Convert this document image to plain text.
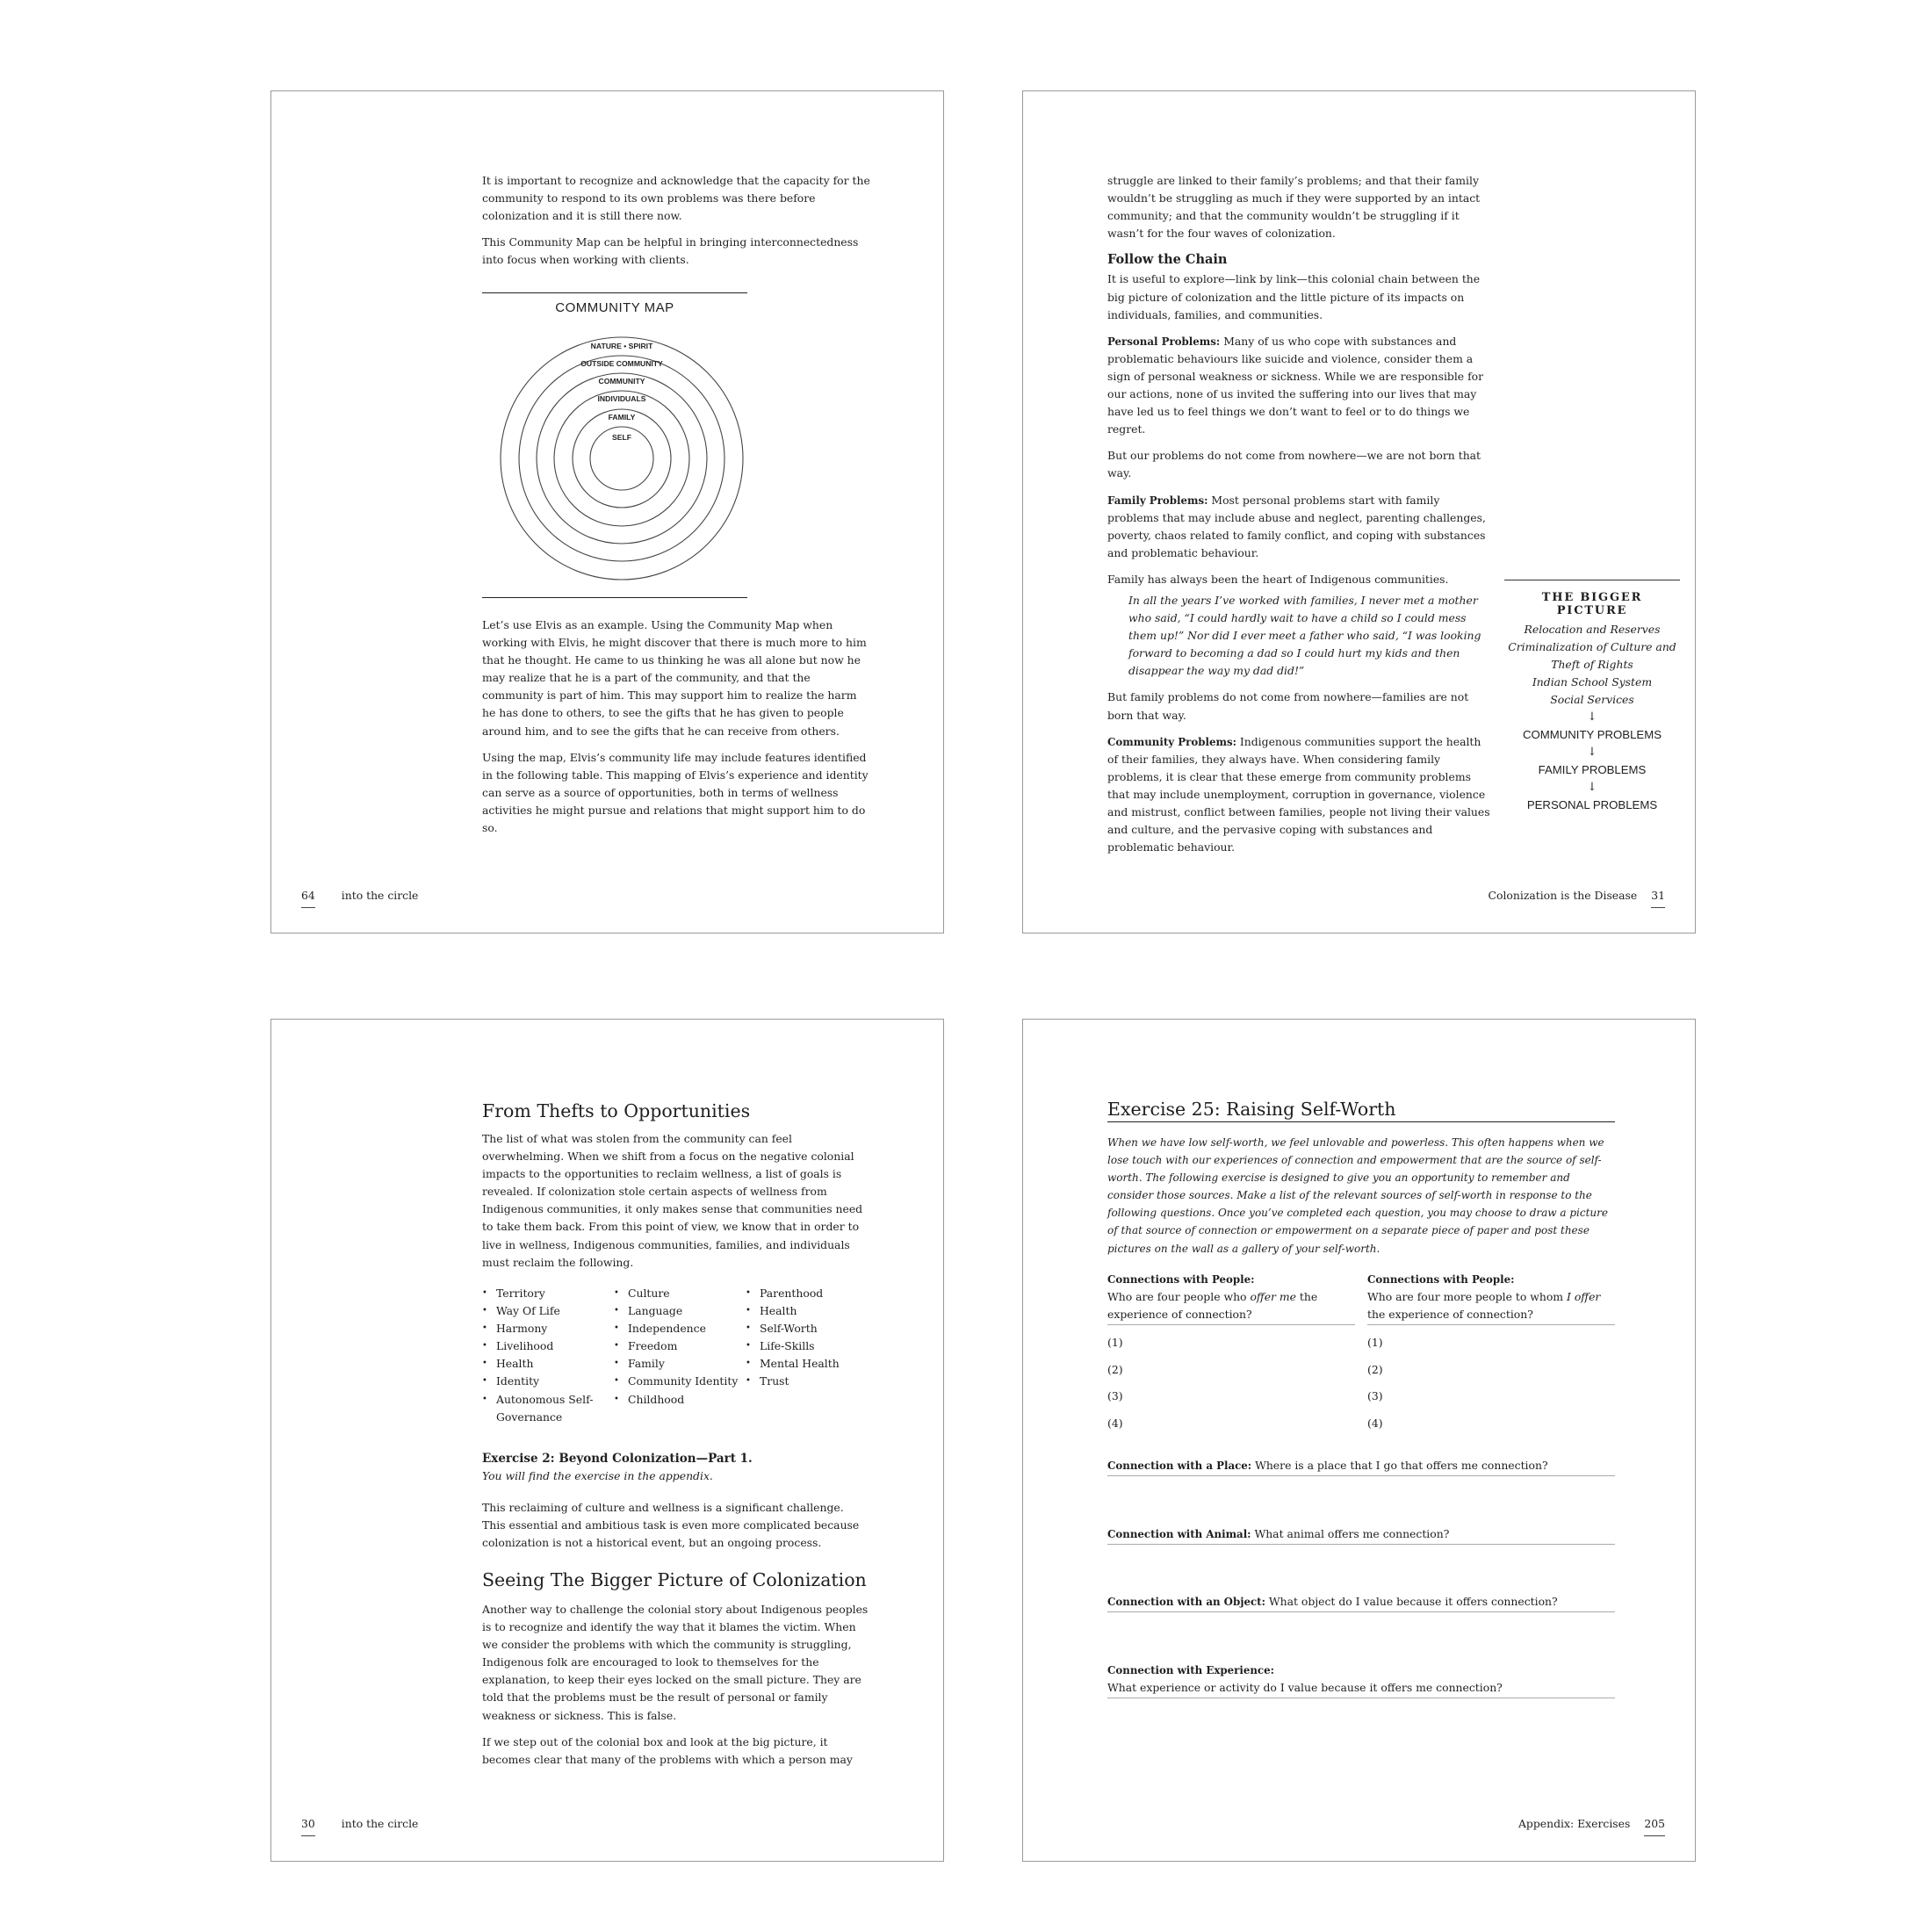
It is important to recognize and acknowledge that the capacity for the community to respond to its own problems was there before colonization and it is still there now.

This Community Map can be helpful in bringing interconnectedness into focus when working with clients.

COMMUNITY MAP
NATURE • SPIRIT
OUTSIDE COMMUNITY
COMMUNITY
INDIVIDUALS
FAMILY
SELF

Let’s use Elvis as an example. Using the Community Map when working with Elvis, he might discover that there is much more to him that he thought. He came to us thinking he was all alone but now he may realize that he is a part of the community, and that the community is part of him. This may support him to realize the harm he has done to others, to see the gifts that he has given to people around him, and to see the gifts that he can receive from others.

Using the map, Elvis’s community life may include features identified in the following table. This mapping of Elvis’s experience and identity can serve as a source of opportunities, both in terms of wellness activities he might pursue and relations that might support him to do so.

64 into the circle

struggle are linked to their family’s problems; and that their family wouldn’t be struggling as much if they were supported by an intact community; and that the community wouldn’t be struggling if it wasn’t for the four waves of colonization.

Follow the Chain

It is useful to explore—link by link—this colonial chain between the big picture of colonization and the little picture of its impacts on individuals, families, and communities.

Personal Problems: Many of us who cope with substances and problematic behaviours like suicide and violence, consider them a sign of personal weakness or sickness. While we are responsible for our actions, none of us invited the suffering into our lives that may have led us to feel things we don’t want to feel or to do things we regret.

But our problems do not come from nowhere—we are not born that way.

Family Problems: Most personal problems start with family problems that may include abuse and neglect, parenting challenges, poverty, chaos related to family conflict, and coping with substances and problematic behaviour.

Family has always been the heart of Indigenous communities.

In all the years I’ve worked with families, I never met a mother who said, “I could hardly wait to have a child so I could mess them up!” Nor did I ever meet a father who said, “I was looking forward to becoming a dad so I could hurt my kids and then disappear the way my dad did!”

But family problems do not come from nowhere—families are not born that way.

Community Problems: Indigenous communities support the health of their families, they always have. When considering family problems, it is clear that these emerge from community problems that may include unemployment, corruption in governance, violence and mistrust, conflict between families, people not living their values and culture, and the pervasive coping with substances and problematic behaviour.

THE BIGGER PICTURE
Relocation and Reserves
Criminalization of Culture and Theft of Rights
Indian School System
Social Services
↓
COMMUNITY PROBLEMS
↓
FAMILY PROBLEMS
↓
PERSONAL PROBLEMS
Colonization is the Disease 31
From Thefts to Opportunities
The list of what was stolen from the community can feel overwhelming. When we shift from a focus on the negative colonial impacts to the opportunities to reclaim wellness, a list of goals is revealed. If colonization stole certain aspects of wellness from Indigenous communities, it only makes sense that communities need to take them back. From this point of view, we know that in order to live in wellness, Indigenous communities, families, and individuals must reclaim the following.
• Territory
• Way Of Life
• Harmony
• Livelihood
• Health
• Identity
• Autonomous Self-Governance
• Culture
• Language
• Independence
• Freedom
• Family
• Community Identity
• Childhood
• Parenthood
• Health
• Self-Worth
• Life-Skills
• Mental Health
• Trust
Exercise 2: Beyond Colonization—Part 1.
You will find the exercise in the appendix.
This reclaiming of culture and wellness is a significant challenge. This essential and ambitious task is even more complicated because colonization is not a historical event, but an ongoing process.
Seeing The Bigger Picture of Colonization

Another way to challenge the colonial story about Indigenous peoples is to recognize and identify the way that it blames the victim. When we consider the problems with which the community is struggling, Indigenous folk are encouraged to look to themselves for the explanation, to keep their eyes locked on the small picture. They are told that the problems must be the result of personal or family weakness or sickness. This is false.

If we step out of the colonial box and look at the big picture, it becomes clear that many of the problems with which a person may

30 into the circle
Exercise 25: Raising Self-Worth
When we have low self-worth, we feel unlovable and powerless. This often happens when we lose touch with our experiences of connection and empowerment that are the source of self-worth. The following exercise is designed to give you an opportunity to remember and consider those sources. Make a list of the relevant sources of self-worth in response to the following questions. Once you’ve completed each question, you may choose to draw a picture of that source of connection or empowerment on a separate piece of paper and post these pictures on the wall as a gallery of your self-worth.
Connections with People:
Who are four people who offer me the experience of connection?
(1)
(2)
(3)
(4)
Connections with People:
Who are four more people to whom I offer the experience of connection?
(1)
(2)
(3)
(4)
Connection with a Place: Where is a place that I go that offers me connection?
Connection with Animal: What animal offers me connection?
Connection with an Object: What object do I value because it offers connection?
Connection with Experience:
What experience or activity do I value because it offers me connection?
Appendix: Exercises 205
